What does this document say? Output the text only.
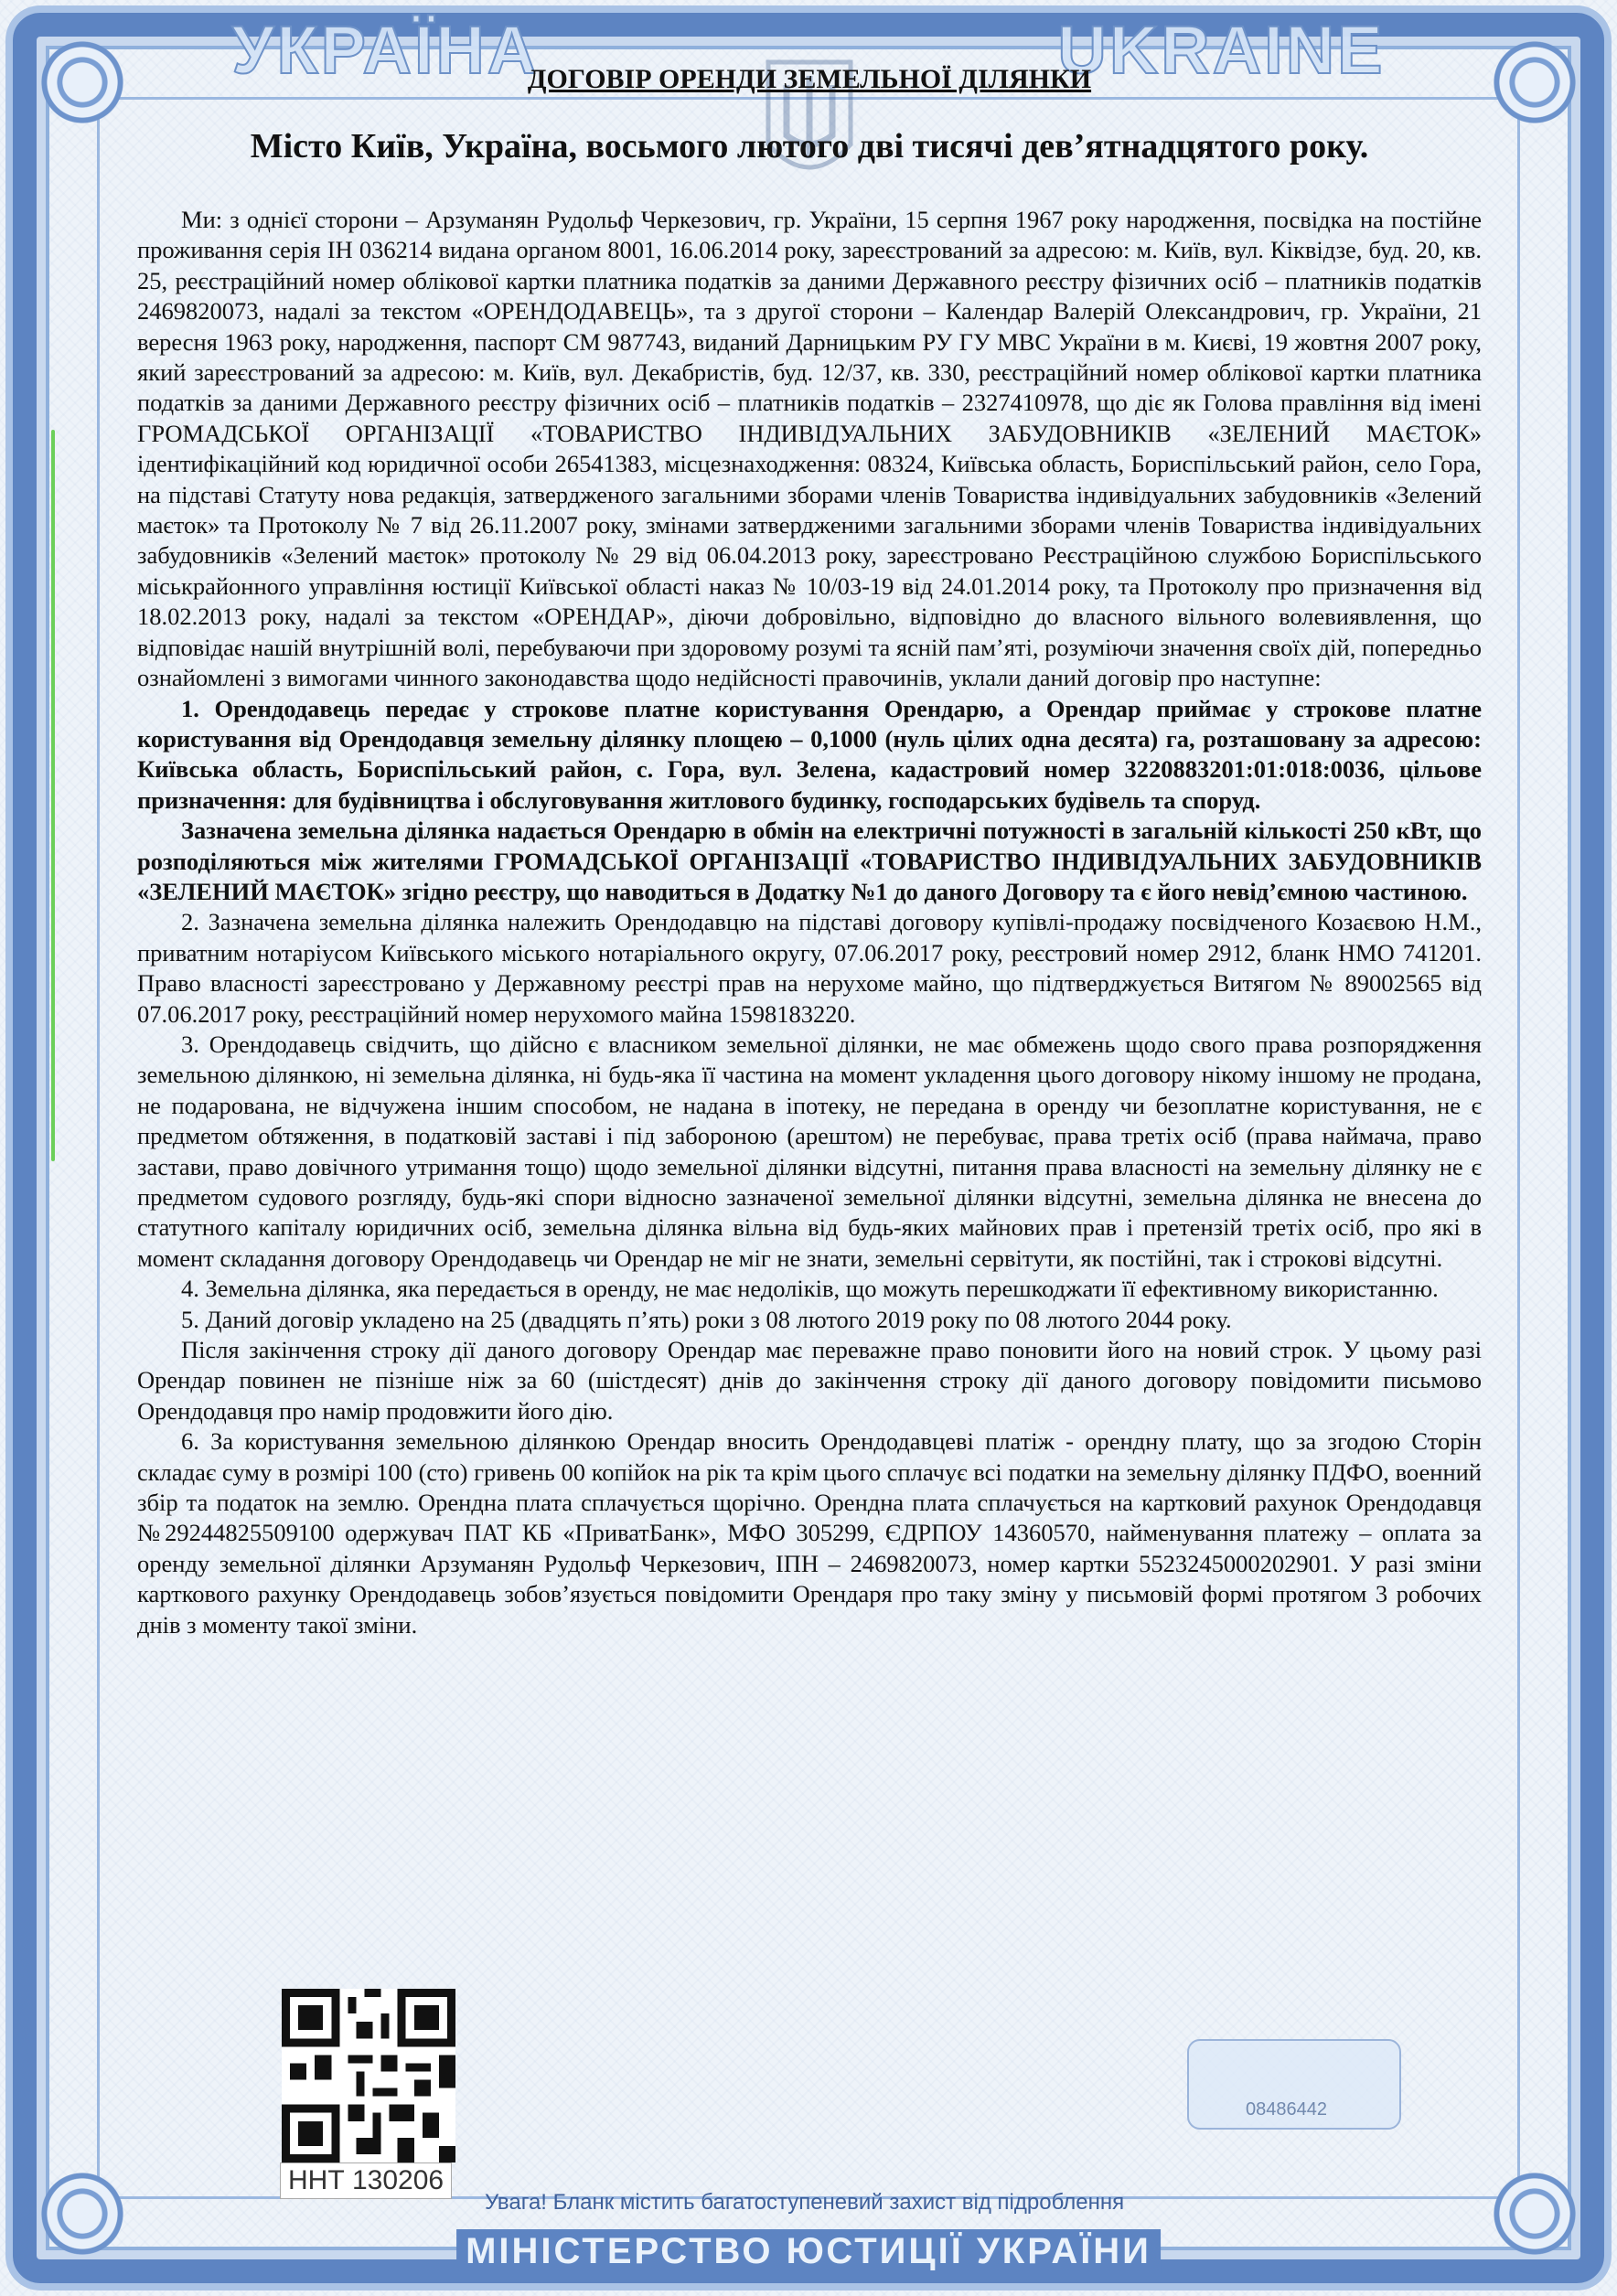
УКРАЇНА	UKRAINE
ДОГОВІР ОРЕНДИ ЗЕМЕЛЬНОЇ ДІЛЯНКИ
Місто Київ, Україна, восьмого лютого дві тисячі дев’ятнадцятого року.

Ми: з однієї сторони – Арзуманян Рудольф Черкезович, гр. України, 15 серпня 1967 року народження, посвідка на постійне проживання серія ІН 036214 видана органом 8001, 16.06.2014 року, зареєстрований за адресою: м. Київ, вул. Кіквідзе, буд. 20, кв. 25, реєстраційний номер облікової картки платника податків за даними Державного реєстру фізичних осіб – платників податків 2469820073, надалі за текстом «ОРЕНДОДАВЕЦЬ», та з другої сторони – Календар Валерій Олександрович, гр. України, 21 вересня 1963 року, народження, паспорт СМ 987743, виданий Дарницьким РУ ГУ МВС України в м. Києві, 19 жовтня 2007 року, який зареєстрований за адресою: м. Київ, вул. Декабристів, буд. 12/37, кв. 330, реєстраційний номер облікової картки платника податків за даними Державного реєстру фізичних осіб – платників податків – 2327410978, що діє як Голова правління від імені ГРОМАДСЬКОЇ ОРГАНІЗАЦІЇ «ТОВАРИСТВО ІНДИВІДУАЛЬНИХ ЗАБУДОВНИКІВ «ЗЕЛЕНИЙ МАЄТОК» ідентифікаційний код юридичної особи 26541383, місцезнаходження: 08324, Київська область, Бориспільський район, село Гора, на підставі Статуту нова редакція, затвердженого загальними зборами членів Товариства індивідуальних забудовників «Зелений маєток» та Протоколу № 7 від 26.11.2007 року, змінами затвердженими загальними зборами членів Товариства індивідуальних забудовників «Зелений маєток» протоколу № 29 від 06.04.2013 року, зареєстровано Реєстраційною службою Бориспільського міськрайонного управління юстиції Київської області наказ № 10/03-19 від 24.01.2014 року, та Протоколу про призначення від 18.02.2013 року, надалі за текстом «ОРЕНДАР», діючи добровільно, відповідно до власного вільного волевиявлення, що відповідає нашій внутрішній волі, перебуваючи при здоровому розумі та ясній пам’яті, розуміючи значення своїх дій, попередньо ознайомлені з вимогами чинного законодавства щодо недійсності правочинів, уклали даний договір про наступне:

1. Орендодавець передає у строкове платне користування Орендарю, а Орендар приймає у строкове платне користування від Орендодавця земельну ділянку площею – 0,1000 (нуль цілих одна десята) га, розташовану за адресою: Київська область, Бориспільський район, с. Гора, вул. Зелена, кадастровий номер 3220883201:01:018:0036, цільове призначення: для будівництва і обслуговування житлового будинку, господарських будівель та споруд.

Зазначена земельна ділянка надається Орендарю в обмін на електричні потужності в загальній кількості 250 кВт, що розподіляються між жителями ГРОМАДСЬКОЇ ОРГАНІЗАЦІЇ «ТОВАРИСТВО ІНДИВІДУАЛЬНИХ ЗАБУДОВНИКІВ «ЗЕЛЕНИЙ МАЄТОК» згідно реєстру, що наводиться в Додатку №1 до даного Договору та є його невід’ємною частиною.

2. Зазначена земельна ділянка належить Орендодавцю на підставі договору купівлі-продажу посвідченого Козаєвою Н.М., приватним нотаріусом Київського міського нотаріального округу, 07.06.2017 року, реєстровий номер 2912, бланк НМО 741201. Право власності зареєстровано у Державному реєстрі прав на нерухоме майно, що підтверджується Витягом № 89002565 від 07.06.2017 року, реєстраційний номер нерухомого майна 1598183220.

3. Орендодавець свідчить, що дійсно є власником земельної ділянки, не має обмежень щодо свого права розпорядження земельною ділянкою, ні земельна ділянка, ні будь-яка її частина на момент укладення цього договору нікому іншому не продана, не подарована, не відчужена іншим способом, не надана в іпотеку, не передана в оренду чи безоплатне користування, не є предметом обтяження, в податковій заставі і під забороною (арештом) не перебуває, права третіх осіб (права наймача, право застави, право довічного утримання тощо) щодо земельної ділянки відсутні, питання права власності на земельну ділянку не є предметом судового розгляду, будь-які спори відносно зазначеної земельної ділянки відсутні, земельна ділянка не внесена до статутного капіталу юридичних осіб, земельна ділянка вільна від будь-яких майнових прав і претензій третіх осіб, про які в момент складання договору Орендодавець чи Орендар не міг не знати, земельні сервітути, як постійні, так і строкові відсутні.

4. Земельна ділянка, яка передається в оренду, не має недоліків, що можуть перешкоджати її ефективному використанню.

5. Даний договір укладено на 25 (двадцять п’ять) роки з 08 лютого 2019 року по 08 лютого 2044 року.

Після закінчення строку дії даного договору Орендар має переважне право поновити його на новий строк. У цьому разі Орендар повинен не пізніше ніж за 60 (шістдесят) днів до закінчення строку дії даного договору повідомити письмово Орендодавця про намір продовжити його дію.

6. За користування земельною ділянкою Орендар вносить Орендодавцеві платіж - орендну плату, що за згодою Сторін складає суму в розмірі 100 (сто) гривень 00 копійок на рік та крім цього сплачує всі податки на земельну ділянку ПДФО, военний збір та податок на землю. Орендна плата сплачується щорічно. Орендна плата сплачується на картковий рахунок Орендодавця №29244825509100 одержувач ПАТ КБ «ПриватБанк», МФО 305299, ЄДРПОУ 14360570, найменування платежу – оплата за оренду земельної ділянки Арзуманян Рудольф Черкезович, ІПН – 2469820073, номер картки 5523245000202901. У разі зміни карткового рахунку Орендодавець зобов’язується повідомити Орендаря про таку зміну у письмовій формі протягом 3 робочих днів з моменту такої зміни.

ННТ 130206
08486442
Увага! Бланк містить багатоступеневий захист від підроблення
МІНІСТЕРСТВО ЮСТИЦІЇ УКРАЇНИ
